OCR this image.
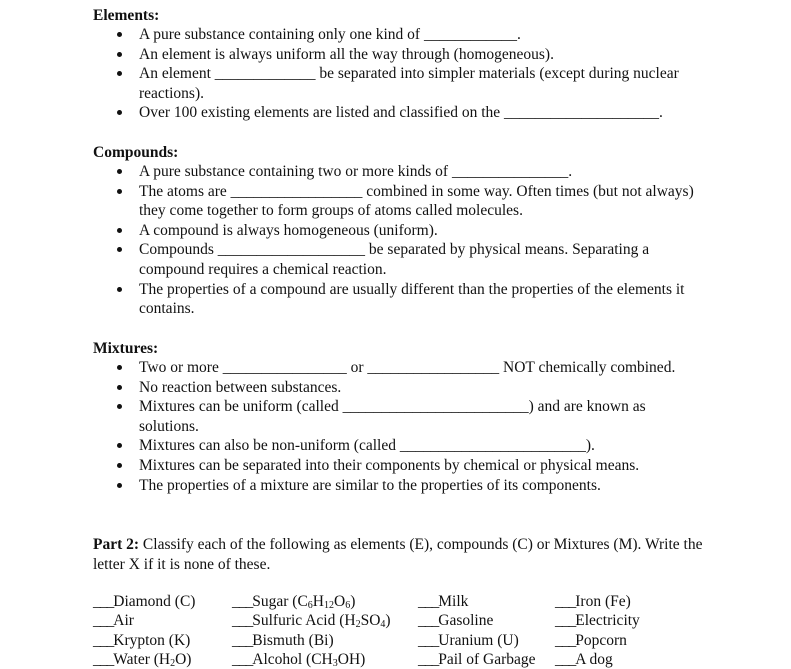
Elements:
A pure substance containing only one kind of ____________.
An element is always uniform all the way through (homogeneous).
An element _____________ be separated into simpler materials (except during nuclear reactions).
Over 100 existing elements are listed and classified on the ____________________.
Compounds:
A pure substance containing two or more kinds of _______________.
The atoms are _________________ combined in some way. Often times (but not always) they come together to form groups of atoms called molecules.
A compound is always homogeneous (uniform).
Compounds ___________________ be separated by physical means. Separating a compound requires a chemical reaction.
The properties of a compound are usually different than the properties of the elements it contains.
Mixtures:
Two or more ________________ or _________________ NOT chemically combined.
No reaction between substances.
Mixtures can be uniform (called ________________________) and are known as solutions.
Mixtures can also be non-uniform (called ________________________).
Mixtures can be separated into their components by chemical or physical means.
The properties of a mixture are similar to the properties of its components.
Part 2: Classify each of the following as elements (E), compounds (C) or Mixtures (M). Write the letter X if it is none of these.
___Diamond (C)
___Air
___Krypton (K)
___Water $(H_2O)$
___Sugar $(C_6H_{12}O_6)$
___Sulfuric Acid $(H_2SO_4)$
___Bismuth (Bi)
___Alcohol $(CH_3OH)$
___Milk
___Gasoline
___Uranium (U)
___Pail of Garbage
___Iron (Fe)
___Electricity
___Popcorn
___A dog
